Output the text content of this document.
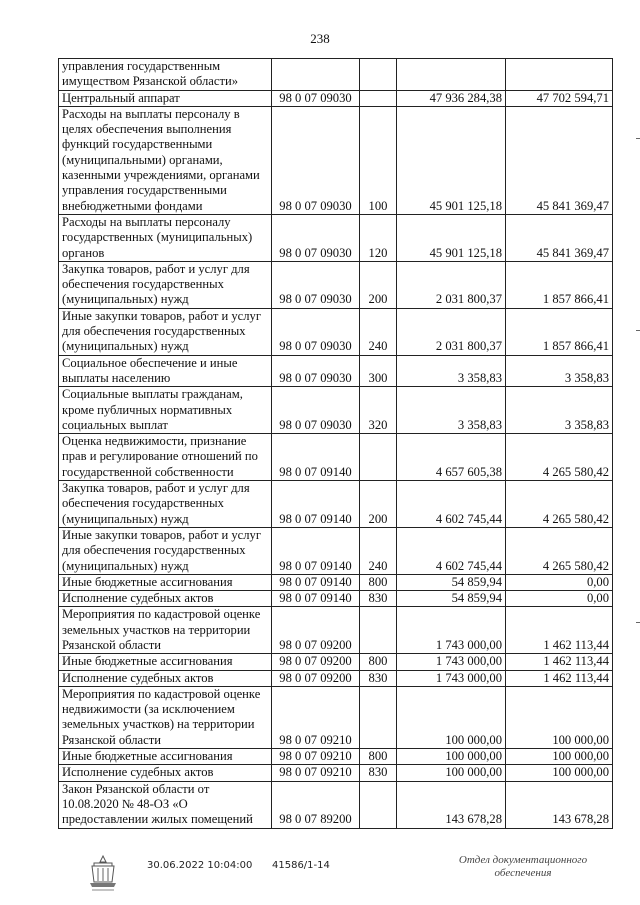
238
управления государственным имуществом Рязанской области»				
Центральный аппарат	98 0 07 09030		47 936 284,38	47 702 594,71
Расходы на выплаты персоналу в целях обеспечения выполнения функций государственными (муниципальными) органами, казенными учреждениями, органами управления государственными внебюджетными фондами	98 0 07 09030	100	45 901 125,18	45 841 369,47
Расходы на выплаты персоналу государственных (муниципальных) органов	98 0 07 09030	120	45 901 125,18	45 841 369,47
Закупка товаров, работ и услуг для обеспечения государственных (муниципальных) нужд	98 0 07 09030	200	2 031 800,37	1 857 866,41
Иные закупки товаров, работ и услуг для обеспечения государственных (муниципальных) нужд	98 0 07 09030	240	2 031 800,37	1 857 866,41
Социальное обеспечение и иные выплаты населению	98 0 07 09030	300	3 358,83	3 358,83
Социальные выплаты гражданам, кроме публичных нормативных социальных выплат	98 0 07 09030	320	3 358,83	3 358,83
Оценка недвижимости, признание прав и регулирование отношений по государственной собственности	98 0 07 09140		4 657 605,38	4 265 580,42
Закупка товаров, работ и услуг для обеспечения государственных (муниципальных) нужд	98 0 07 09140	200	4 602 745,44	4 265 580,42
Иные закупки товаров, работ и услуг для обеспечения государственных (муниципальных) нужд	98 0 07 09140	240	4 602 745,44	4 265 580,42
Иные бюджетные ассигнования	98 0 07 09140	800	54 859,94	0,00
Исполнение судебных актов	98 0 07 09140	830	54 859,94	0,00
Мероприятия по кадастровой оценке земельных участков на территории Рязанской области	98 0 07 09200		1 743 000,00	1 462 113,44
Иные бюджетные ассигнования	98 0 07 09200	800	1 743 000,00	1 462 113,44
Исполнение судебных актов	98 0 07 09200	830	1 743 000,00	1 462 113,44
Мероприятия по кадастровой оценке недвижимости (за исключением земельных участков) на территории Рязанской области	98 0 07 09210		100 000,00	100 000,00
Иные бюджетные ассигнования	98 0 07 09210	800	100 000,00	100 000,00
Исполнение судебных актов	98 0 07 09210	830	100 000,00	100 000,00
Закон Рязанской области от 10.08.2020 № 48-ОЗ «О предоставлении жилых помещений	98 0 07 89200		143 678,28	143 678,28
30.06.2022 10:04:00 41586/1-14	Отдел документационного
обеспечения
